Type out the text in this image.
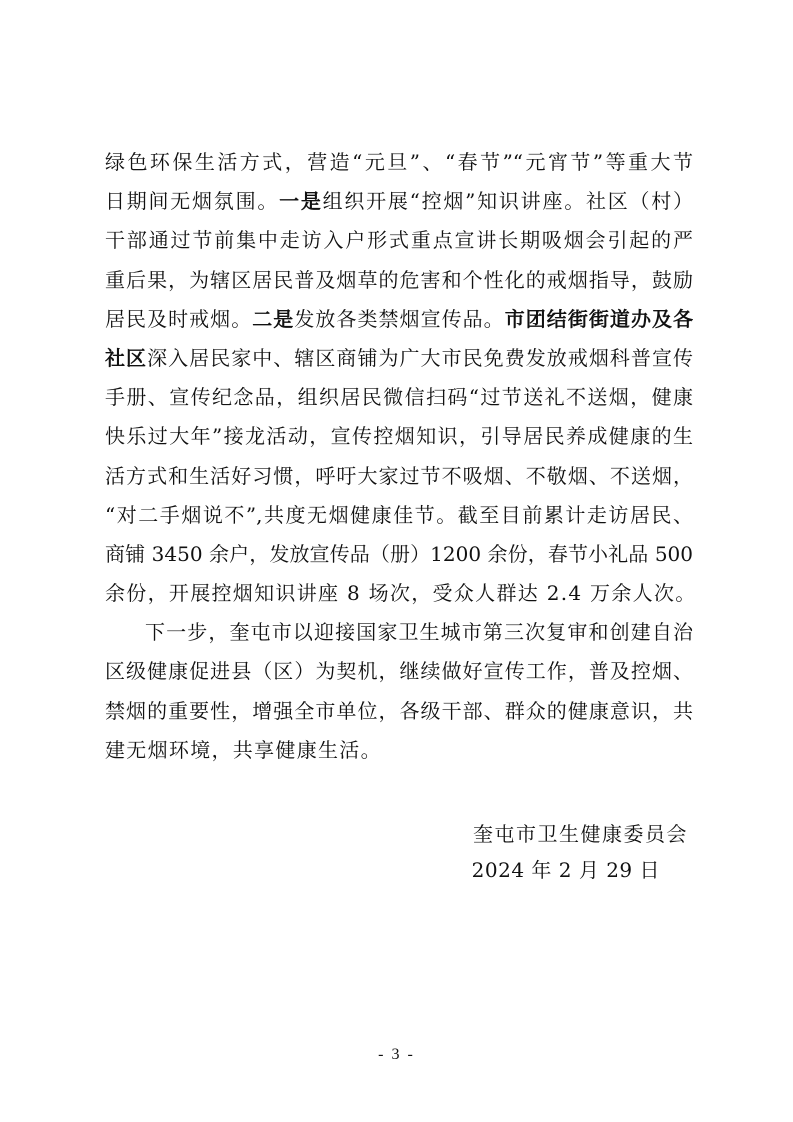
绿色环保生活方式，营造“元旦”、“春节”“元宵节”等重大节
日期间无烟氛围。一是组织开展“控烟”知识讲座。社区（村）
干部通过节前集中走访入户形式重点宣讲长期吸烟会引起的严
重后果，为辖区居民普及烟草的危害和个性化的戒烟指导，鼓励
居民及时戒烟。二是发放各类禁烟宣传品。市团结街街道办及各
社区深入居民家中、辖区商铺为广大市民免费发放戒烟科普宣传
手册、宣传纪念品，组织居民微信扫码“过节送礼不送烟，健康
快乐过大年”接龙活动，宣传控烟知识，引导居民养成健康的生
活方式和生活好习惯，呼吁大家过节不吸烟、不敬烟、不送烟，
“对二手烟说不”,共度无烟健康佳节。截至目前累计走访居民、
商铺 3450 余户，发放宣传品（册）1200 余份，春节小礼品 500
余份，开展控烟知识讲座 8 场次，受众人群达 2.4 万余人次。
下一步，奎屯市以迎接国家卫生城市第三次复审和创建自治
区级健康促进县（区）为契机，继续做好宣传工作，普及控烟、
禁烟的重要性，增强全市单位，各级干部、群众的健康意识，共
建无烟环境，共享健康生活。
奎屯市卫生健康委员会
2024 年 2 月 29 日
- 3 -
